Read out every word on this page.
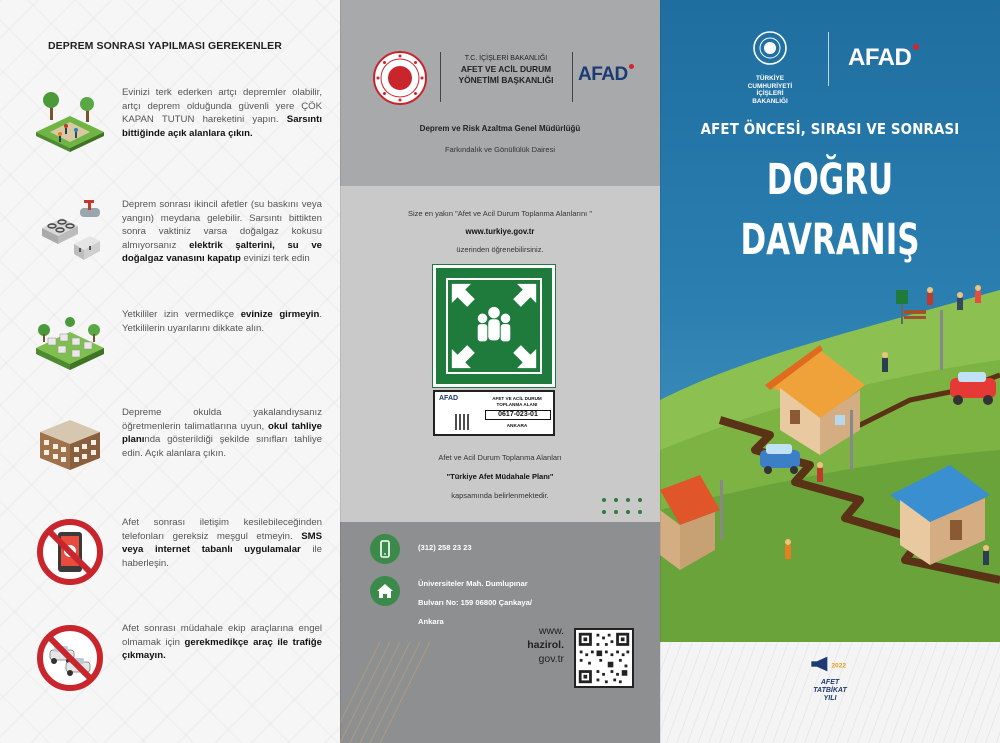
DEPREM SONRASI YAPILMASI GEREKENLER
Evinizi terk ederken artçı depremler olabilir, artçı deprem olduğunda güvenli yere ÇÖK KAPAN TUTUN hareketini yapın. Sarsıntı bittiğinde açık alanlara çıkın.
Deprem sonrası ikincil afetler (su baskını veya yangın) meydana gelebilir. Sarsıntı bittikten sonra vaktiniz varsa doğalgaz kokusu almıyorsanız elektrik şalterini, su ve doğalgaz vanasını kapatıp evinizi terk edin
Yetkililer izin vermedikçe evinize girmeyin. Yetkililerin uyarılarını dikkate alın.
Depreme okulda yakalandıysanız öğretmenlerin talimatlarına uyun, okul tahliye planında gösterildiği şekilde sınıfları tahliye edin. Açık alanlara çıkın.
Afet sonrası iletişim kesilebileceğinden telefonları gereksiz meşgul etmeyin. SMS veya internet tabanlı uygulamalar ile haberleşin.
Afet sonrası müdahale ekip araçlarına engel olmamak için gerekmedikçe araç ile trafiğe çıkmayın.
T.C. İÇİŞLERİ BAKANLIĞI
AFET VE ACİL DURUM
YÖNETİMİ BAŞKANLIĞI	AFAD
Deprem ve Risk Azaltma Genel Müdürlüğü
Farkındalık ve Gönüllülük Dairesi
Size en yakın "Afet ve Acil Durum Toplanma Alanlarını "
www.turkiye.gov.tr
üzerinden öğrenebilirsiniz.
AFAD	AFET VE ACİL DURUM TOPLANMA ALANI
0617-023-01
ANKARA
Afet ve Acil Durum Toplanma Alanları
"Türkiye Afet Müdahale Planı"
kapsamında belirlenmektedir.
(312) 258 23 23
Üniversiteler Mah. Dumlupınar
Bulvarı No: 159 06800 Çankaya/
Ankara
www.
hazirol.
gov.tr
TÜRKİYE CUMHURİYETİ
İÇİŞLERİ BAKANLIĞI
AFAD
AFET ÖNCESİ, SIRASI VE SONRASI
DOĞRU DAVRANIŞ
2022
AFET
TATBİKAT
YILI
